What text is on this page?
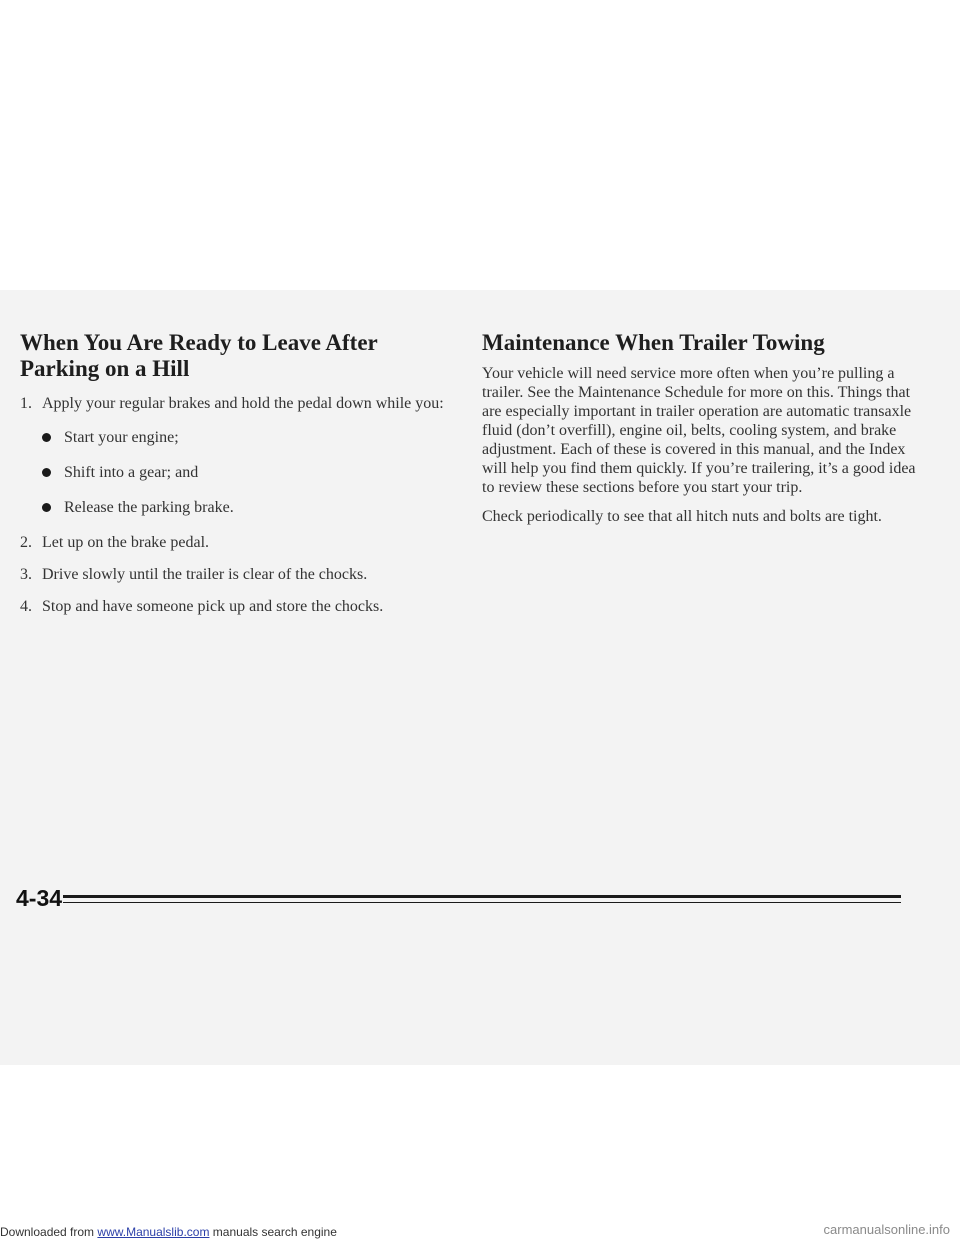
When You Are Ready to Leave After Parking on a Hill
1. Apply your regular brakes and hold the pedal down while you:
Start your engine;
Shift into a gear; and
Release the parking brake.
2. Let up on the brake pedal.
3. Drive slowly until the trailer is clear of the chocks.
4. Stop and have someone pick up and store the chocks.
Maintenance When Trailer Towing

Your vehicle will need service more often when you’re pulling a trailer. See the Maintenance Schedule for more on this. Things that are especially important in trailer operation are automatic transaxle fluid (don’t overfill), engine oil, belts, cooling system, and brake adjustment. Each of these is covered in this manual, and the Index will help you find them quickly. If you’re trailering, it’s a good idea to review these sections before you start your trip.

Check periodically to see that all hitch nuts and bolts are tight.

4-34
Downloaded from www.Manualslib.com manuals search engine	carmanualsonline.info
